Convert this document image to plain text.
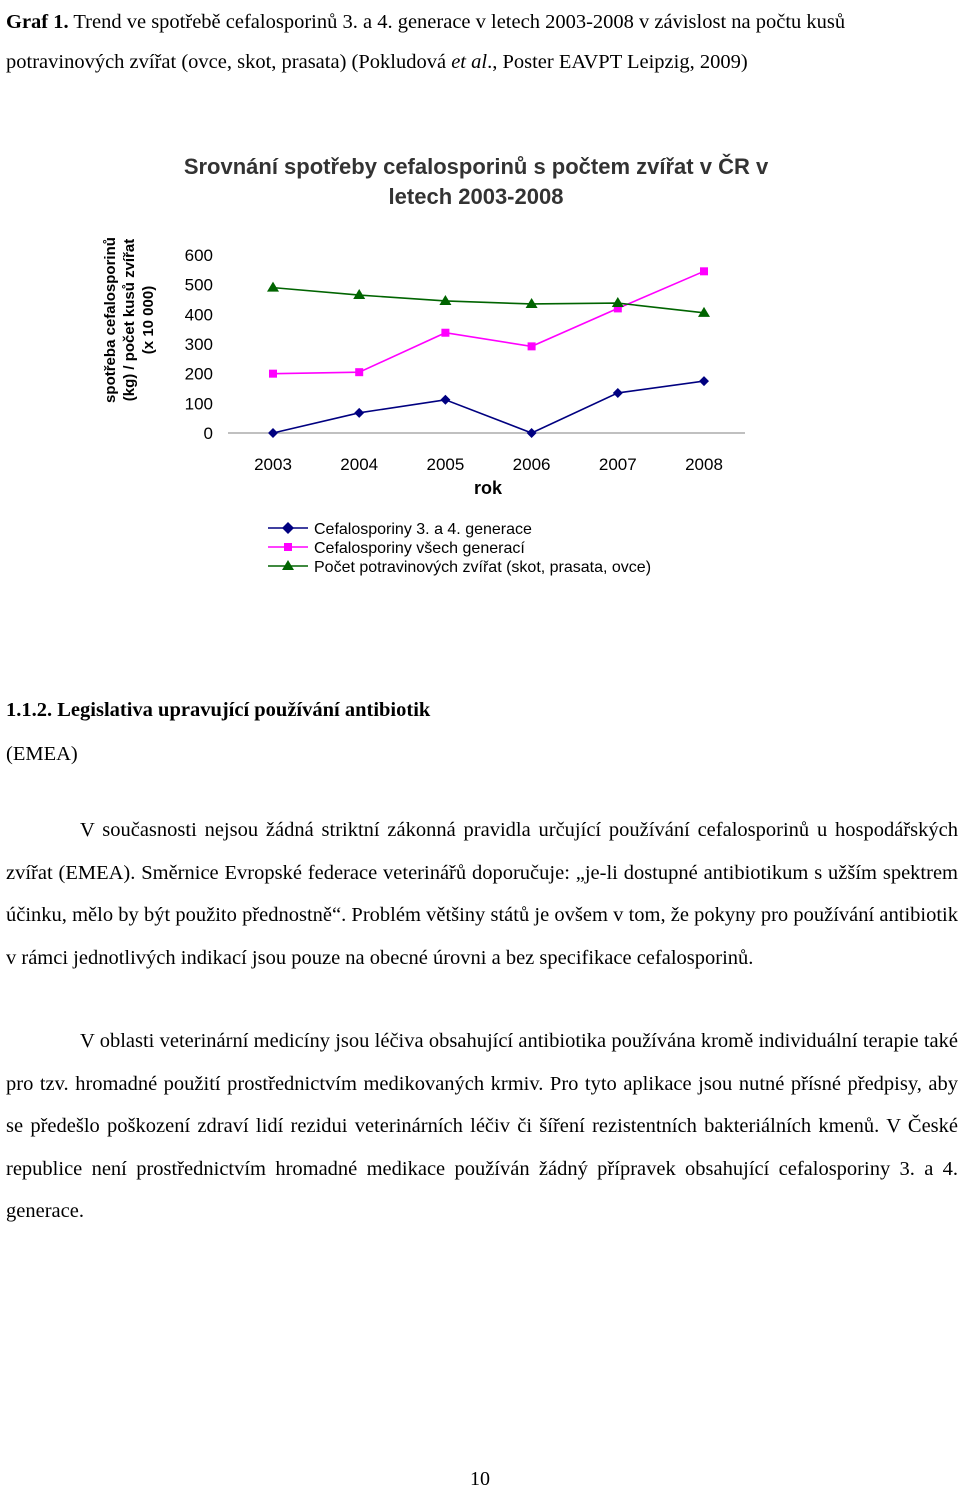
Graf 1. Trend ve spotřebě cefalosporinů 3. a 4. generace v letech 2003-2008 v závislost na počtu kusů potravinových zvířat (ovce, skot, prasata) (Pokludová et al., Poster EAVPT Leipzig, 2009)
Srovnání spotřeby cefalosporinů s počtem zvířat v ČR v
letech 2003-2008
spotřeba cefalosporinů (kg) / počet kusů zvířat (x 10 000)
600
500
400
300
200
100
0
2003	2004	2005	2006	2007	2008
rok
Cefalosporiny 3. a 4. generace
Cefalosporiny všech generací
Počet potravinových zvířat (skot, prasata, ovce)
1.1.2. Legislativa upravující používání antibiotik
(EMEA)

V současnosti nejsou žádná striktní zákonná pravidla určující používání cefalosporinů u hospodářských zvířat (EMEA). Směrnice Evropské federace veterinářů doporučuje: „je-li dostupné antibiotikum s užším spektrem účinku, mělo by být použito přednostně“. Problém většiny států je ovšem v tom, že pokyny pro používání antibiotik v rámci jednotlivých indikací jsou pouze na obecné úrovni a bez specifikace cefalosporinů.

V oblasti veterinární medicíny jsou léčiva obsahující antibiotika používána kromě individuální terapie také pro tzv. hromadné použití prostřednictvím medikovaných krmiv. Pro tyto aplikace jsou nutné přísné předpisy, aby se předešlo poškození zdraví lidí rezidui veterinárních léčiv či šíření rezistentních bakteriálních kmenů. V České republice není prostřednictvím hromadné medikace používán žádný přípravek obsahující cefalosporiny 3. a 4. generace.

10
